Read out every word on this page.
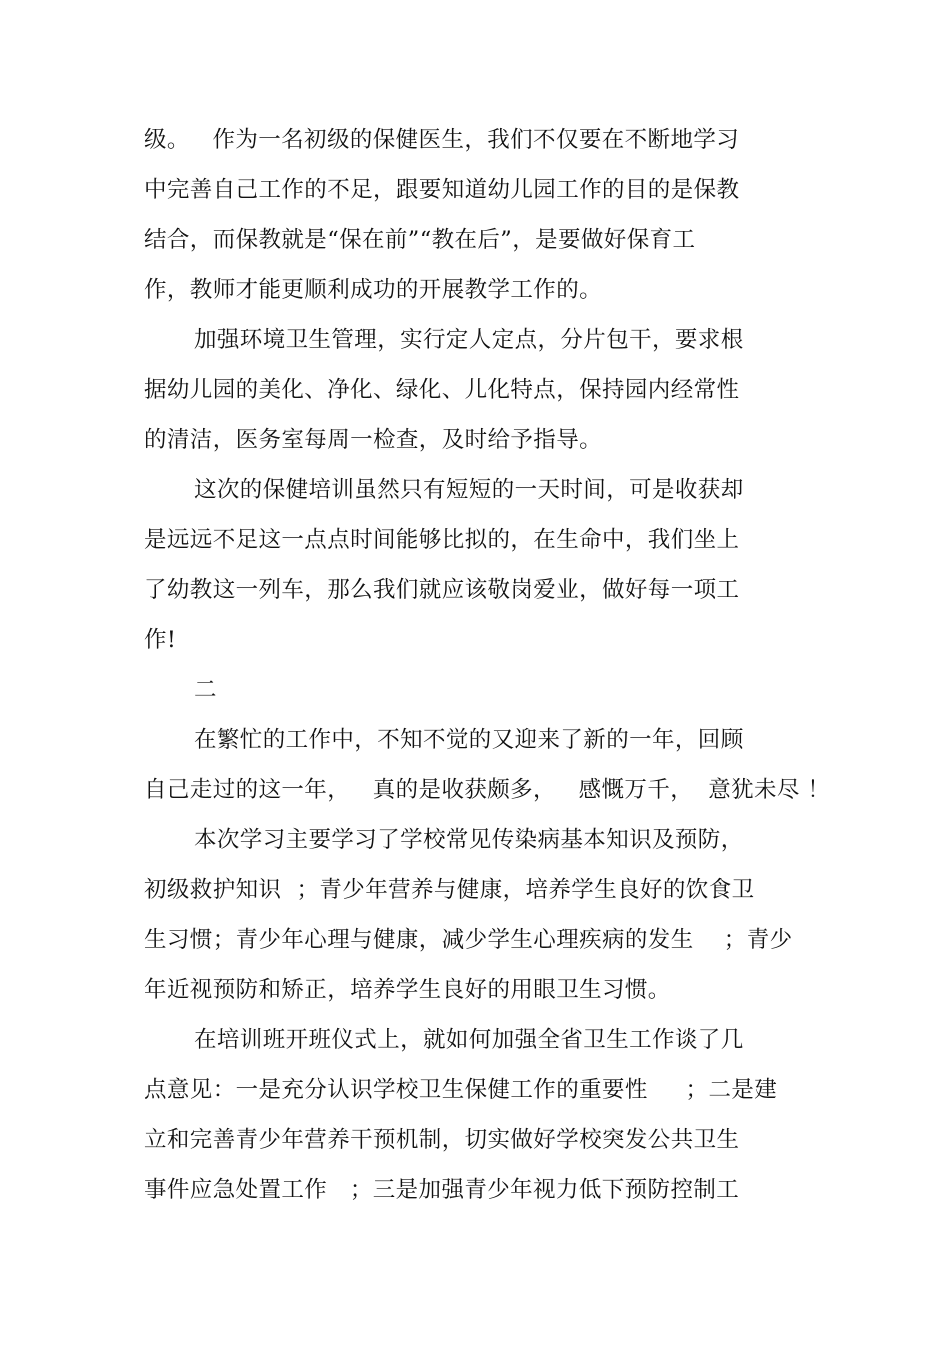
级。   作为一名初级的保健医生，我们不仅要在不断地学习
中完善自己工作的不足，跟要知道幼儿园工作的目的是保教
结合，而保教就是“保在前”“教在后”，是要做好保育工
作，教师才能更顺利成功的开展教学工作的。
加强环境卫生管理，实行定人定点，分片包干，要求根
据幼儿园的美化、净化、绿化、儿化特点，保持园内经常性
的清洁，医务室每周一检查，及时给予指导。
这次的保健培训虽然只有短短的一天时间，可是收获却
是远远不足这一点点时间能够比拟的，在生命中，我们坐上
了幼教这一列车，那么我们就应该敬岗爱业，做好每一项工
作!
二
在繁忙的工作中，不知不觉的又迎来了新的一年，回顾
自己走过的这一年，   真的是收获颇多，   感慨万千，  意犹未尽 ！
本次学习主要学习了学校常见传染病基本知识及预防，
初级救护知识  ；青少年营养与健康，培养学生良好的饮食卫
生习惯；青少年心理与健康，减少学生心理疾病的发生    ；青少
年近视预防和矫正，培养学生良好的用眼卫生习惯。
在培训班开班仪式上，就如何加强全省卫生工作谈了几
点意见：一是充分认识学校卫生保健工作的重要性     ；二是建
立和完善青少年营养干预机制，切实做好学校突发公共卫生
事件应急处置工作   ；三是加强青少年视力低下预防控制工
